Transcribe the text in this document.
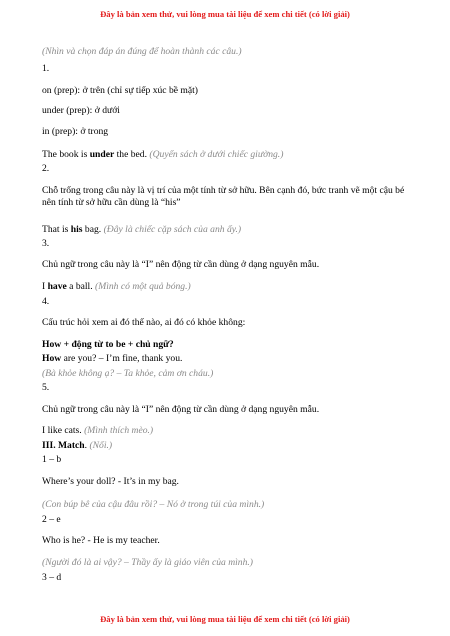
Đây là bản xem thử, vui lòng mua tài liệu để xem chi tiết (có lời giải)
(Nhìn và chọn đáp án đúng để hoàn thành các câu.)
1.
on (prep): ở trên (chỉ sự tiếp xúc bề mặt)
under (prep): ở dưới
in (prep): ở trong
The book is under the bed. (Quyển sách ở dưới chiếc giường.)
2.
Chỗ trống trong câu này là vị trí của một tính từ sở hữu. Bên cạnh đó, bức tranh vẽ một cậu bé nên tính từ sở hữu cần dùng là “his”
That is his bag. (Đây là chiếc cặp sách của anh ấy.)
3.
Chủ ngữ trong câu này là “I” nên động từ cần dùng ở dạng nguyên mẫu.
I have a ball. (Mình có một quả bóng.)
4.
Cấu trúc hỏi xem ai đó thế nào, ai đó có khỏe không:
How + động từ to be + chủ ngữ?
How are you? – I’m fine, thank you.
(Bà khỏe không ạ? – Ta khỏe, cảm ơn cháu.)
5.
Chủ ngữ trong câu này là “I” nên động từ cần dùng ở dạng nguyên mẫu.
I like cats. (Mình thích mèo.)
III. Match. (Nối.)
1 – b
Where’s your doll? - It’s in my bag.
(Con búp bê của cậu đâu rồi? – Nó ở trong túi của mình.)
2 – e
Who is he? - He is my teacher.
(Người đó là ai vậy? – Thầy ấy là giáo viên của mình.)
3 – d
Đây là bản xem thử, vui lòng mua tài liệu để xem chi tiết (có lời giải)
